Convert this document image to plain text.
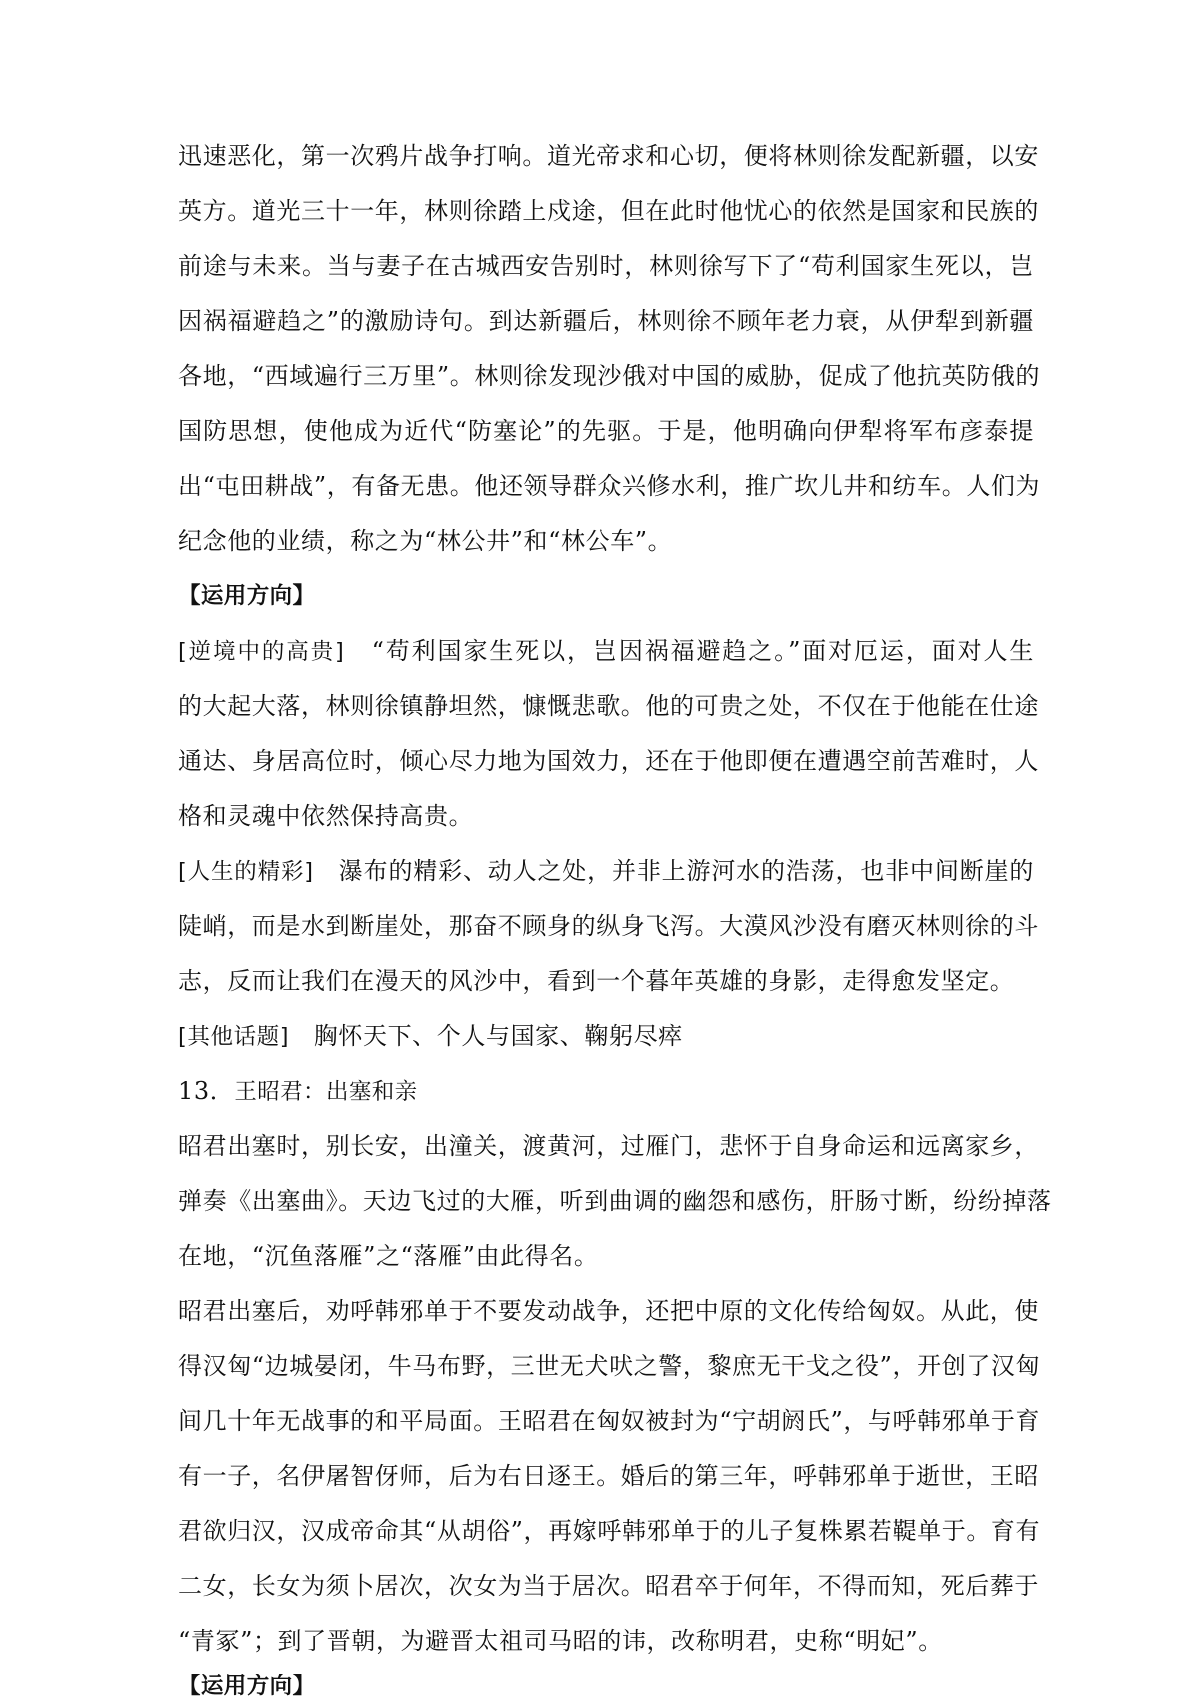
迅速恶化，第一次鸦片战争打响。道光帝求和心切，便将林则徐发配新疆，以安
英方。道光三十一年，林则徐踏上戍途，但在此时他忧心的依然是国家和民族的
前途与未来。当与妻子在古城西安告别时，林则徐写下了“苟利国家生死以，岂
因祸福避趋之”的激励诗句。到达新疆后，林则徐不顾年老力衰，从伊犁到新疆
各地，“西域遍行三万里”。林则徐发现沙俄对中国的威胁，促成了他抗英防俄的
国防思想，使他成为近代“防塞论”的先驱。于是，他明确向伊犁将军布彦泰提
出“屯田耕战”，有备无患。他还领导群众兴修水利，推广坎儿井和纺车。人们为
纪念他的业绩，称之为“林公井”和“林公车”。
【运用方向】
[逆境中的高贵]　“苟利国家生死以，岂因祸福避趋之。”面对厄运，面对人生
的大起大落，林则徐镇静坦然，慷慨悲歌。他的可贵之处，不仅在于他能在仕途
通达、身居高位时，倾心尽力地为国效力，还在于他即便在遭遇空前苦难时，人
格和灵魂中依然保持高贵。
[人生的精彩]　瀑布的精彩、动人之处，并非上游河水的浩荡，也非中间断崖的
陡峭，而是水到断崖处，那奋不顾身的纵身飞泻。大漠风沙没有磨灭林则徐的斗
志，反而让我们在漫天的风沙中，看到一个暮年英雄的身影，走得愈发坚定。
[其他话题]　胸怀天下、个人与国家、鞠躬尽瘁
13．王昭君：出塞和亲
昭君出塞时，别长安，出潼关，渡黄河，过雁门，悲怀于自身命运和远离家乡，
弹奏《出塞曲》。天边飞过的大雁，听到曲调的幽怨和感伤，肝肠寸断，纷纷掉落
在地，“沉鱼落雁”之“落雁”由此得名。
昭君出塞后，劝呼韩邪单于不要发动战争，还把中原的文化传给匈奴。从此，使
得汉匈“边城晏闭，牛马布野，三世无犬吠之警，黎庶无干戈之役”，开创了汉匈
间几十年无战事的和平局面。王昭君在匈奴被封为“宁胡阏氏”，与呼韩邪单于育
有一子，名伊屠智伢师，后为右日逐王。婚后的第三年，呼韩邪单于逝世，王昭
君欲归汉，汉成帝命其“从胡俗”，再嫁呼韩邪单于的儿子复株累若鞮单于。育有
二女，长女为须卜居次，次女为当于居次。昭君卒于何年，不得而知，死后葬于
“青冢”；到了晋朝，为避晋太祖司马昭的讳，改称明君，史称“明妃”。
【运用方向】
